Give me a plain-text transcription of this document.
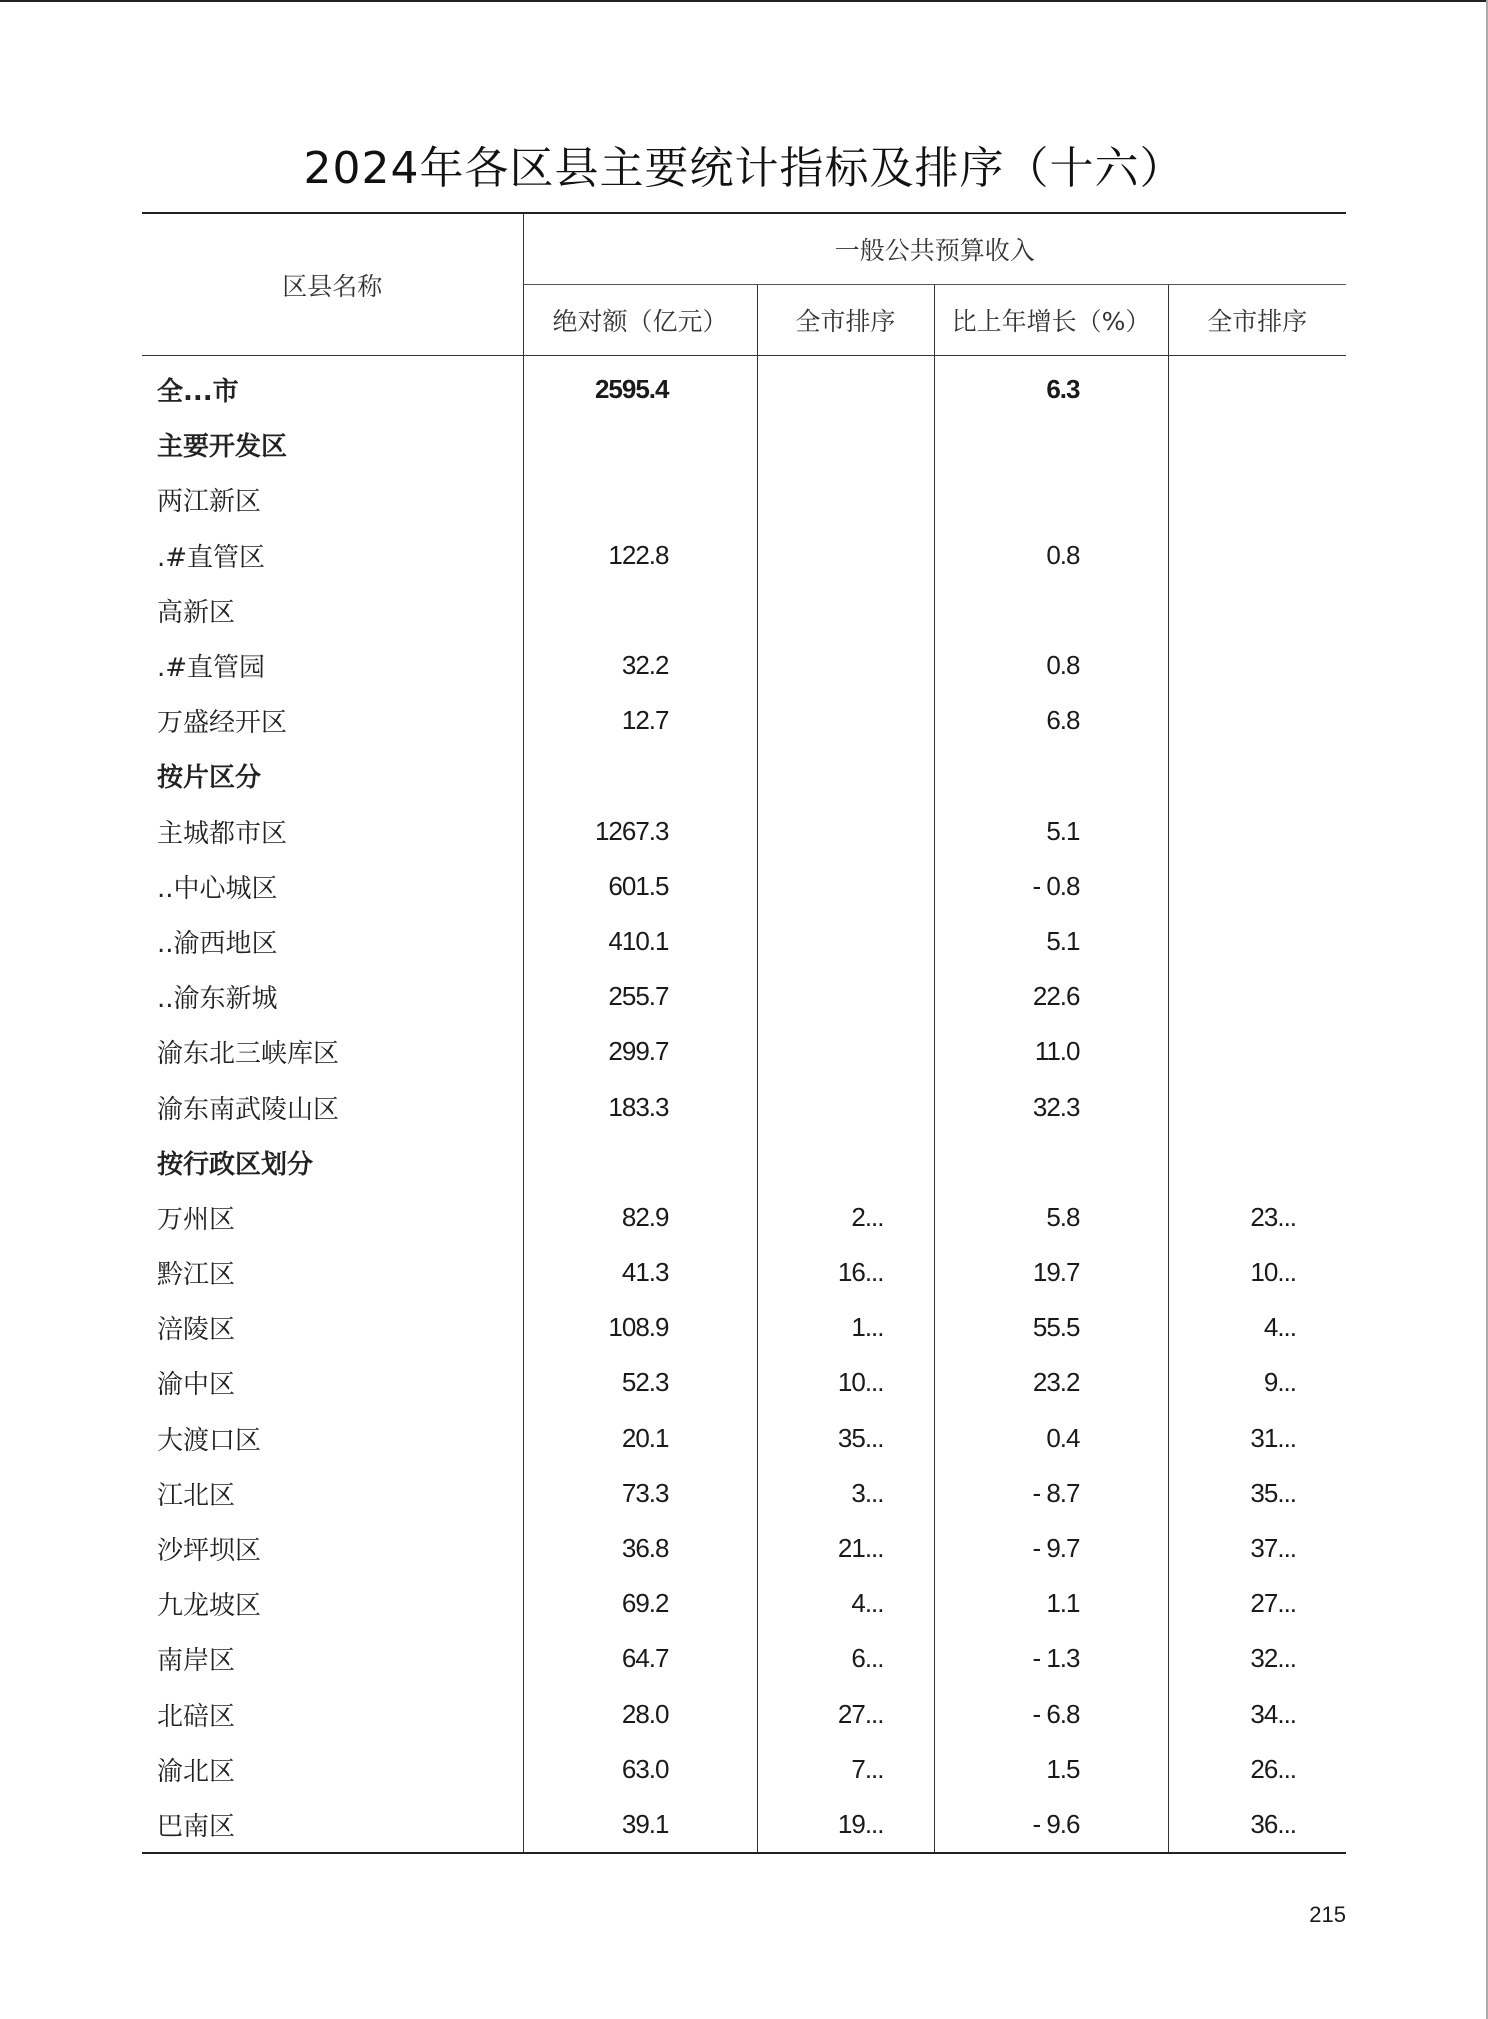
2024年各区县主要统计指标及排序（十六）
区县名称	一般公共预算收入			
	绝对额（亿元）	全市排序	比上年增长（%）	全市排序
全...市	2595.4		6.3	
主要开发区				
两江新区				
.#直管区	122.8		0.8	
高新区				
.#直管园	32.2		0.8	
万盛经开区	12.7		6.8	
按片区分				
主城都市区	1267.3		5.1	
..中心城区	601.5		- 0.8	
..渝西地区	410.1		5.1	
..渝东新城	255.7		22.6	
渝东北三峡库区	299.7		11.0	
渝东南武陵山区	183.3		32.3	
按行政区划分				
万州区	82.9	2...	5.8	23...
黔江区	41.3	16...	19.7	10...
涪陵区	108.9	1...	55.5	4...
渝中区	52.3	10...	23.2	9...
大渡口区	20.1	35...	0.4	31...
江北区	73.3	3...	- 8.7	35...
沙坪坝区	36.8	21...	- 9.7	37...
九龙坡区	69.2	4...	1.1	27...
南岸区	64.7	6...	- 1.3	32...
北碚区	28.0	27...	- 6.8	34...
渝北区	63.0	7...	1.5	26...
巴南区	39.1	19...	- 9.6	36...
215
